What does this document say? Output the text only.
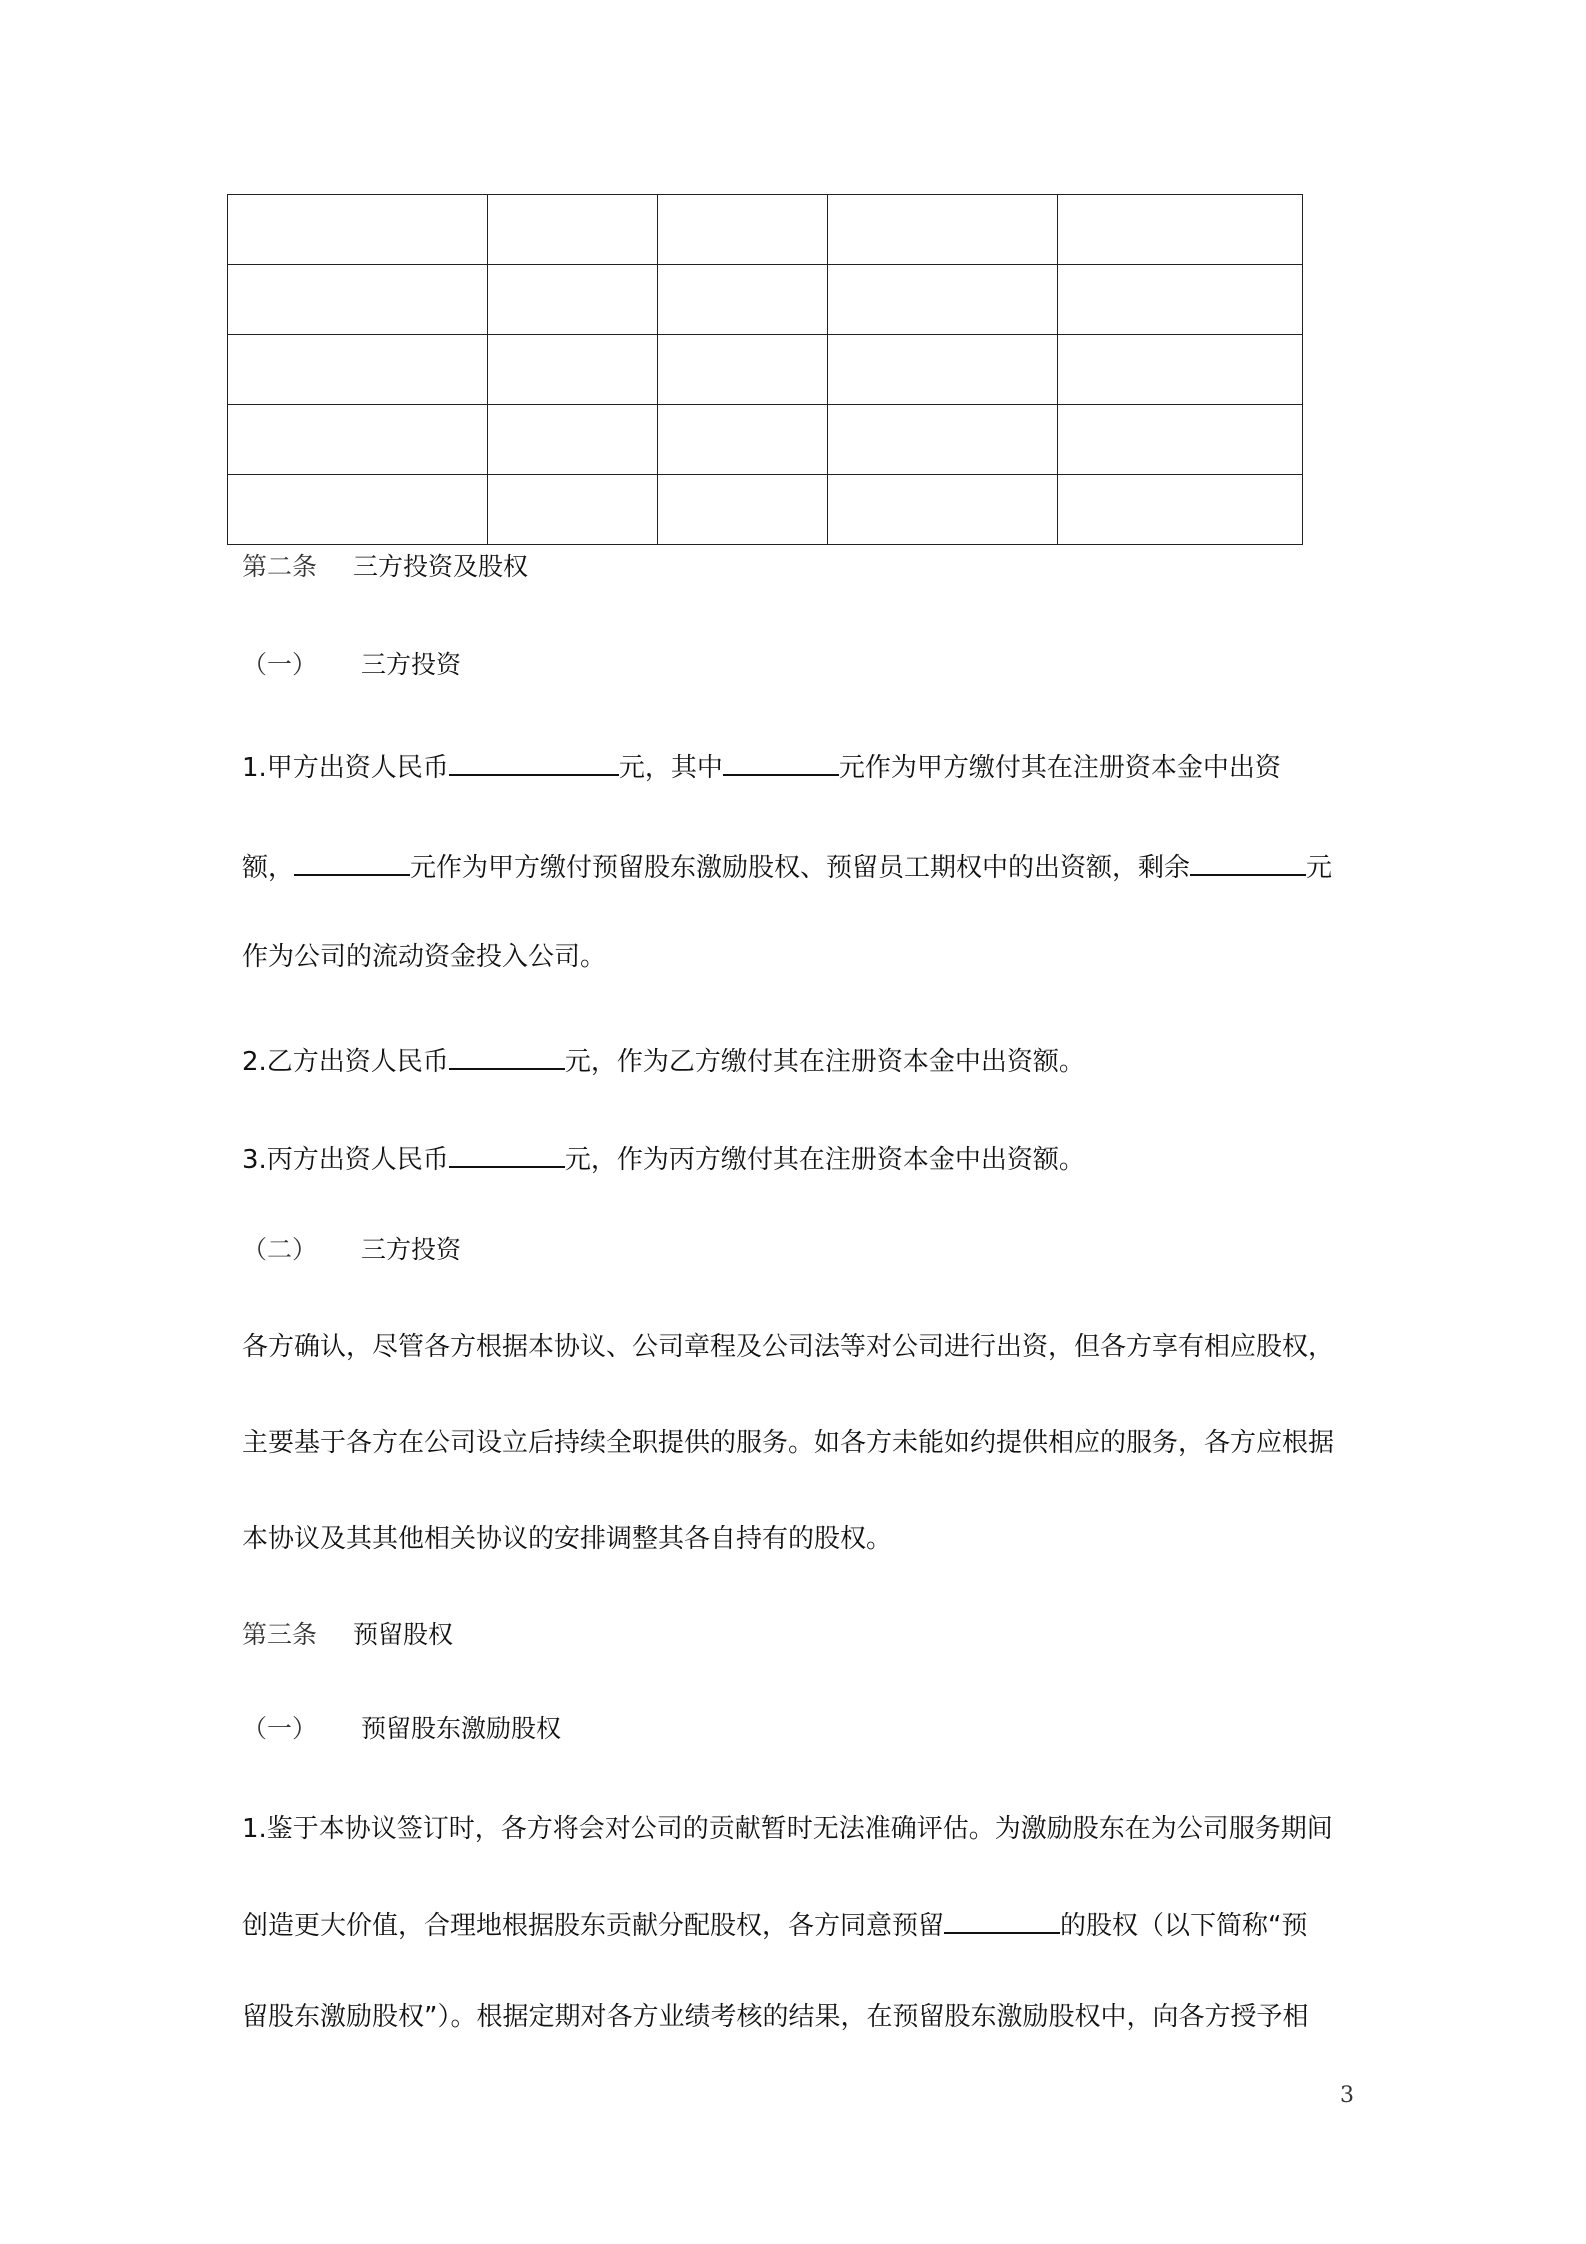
第二条 三方投资及股权
（一） 三方投资
1.甲方出资人民币	元，其中	元作为甲方缴付其在注册资本金中出资
额，	元作为甲方缴付预留股东激励股权、预留员工期权中的出资额，剩余	元
作为公司的流动资金投入公司。
2.乙方出资人民币	元，作为乙方缴付其在注册资本金中出资额。
3.丙方出资人民币	元，作为丙方缴付其在注册资本金中出资额。
（二） 三方投资
各方确认，尽管各方根据本协议、公司章程及公司法等对公司进行出资，但各方享有相应股权，
主要基于各方在公司设立后持续全职提供的服务。如各方未能如约提供相应的服务，各方应根据
本协议及其其他相关协议的安排调整其各自持有的股权。
第三条 预留股权
（一） 预留股东激励股权
1.鉴于本协议签订时，各方将会对公司的贡献暂时无法准确评估。为激励股东在为公司服务期间
创造更大价值，合理地根据股东贡献分配股权，各方同意预留	的股权（以下简称“预
留股东激励股权”）。根据定期对各方业绩考核的结果，在预留股东激励股权中，向各方授予相
3
